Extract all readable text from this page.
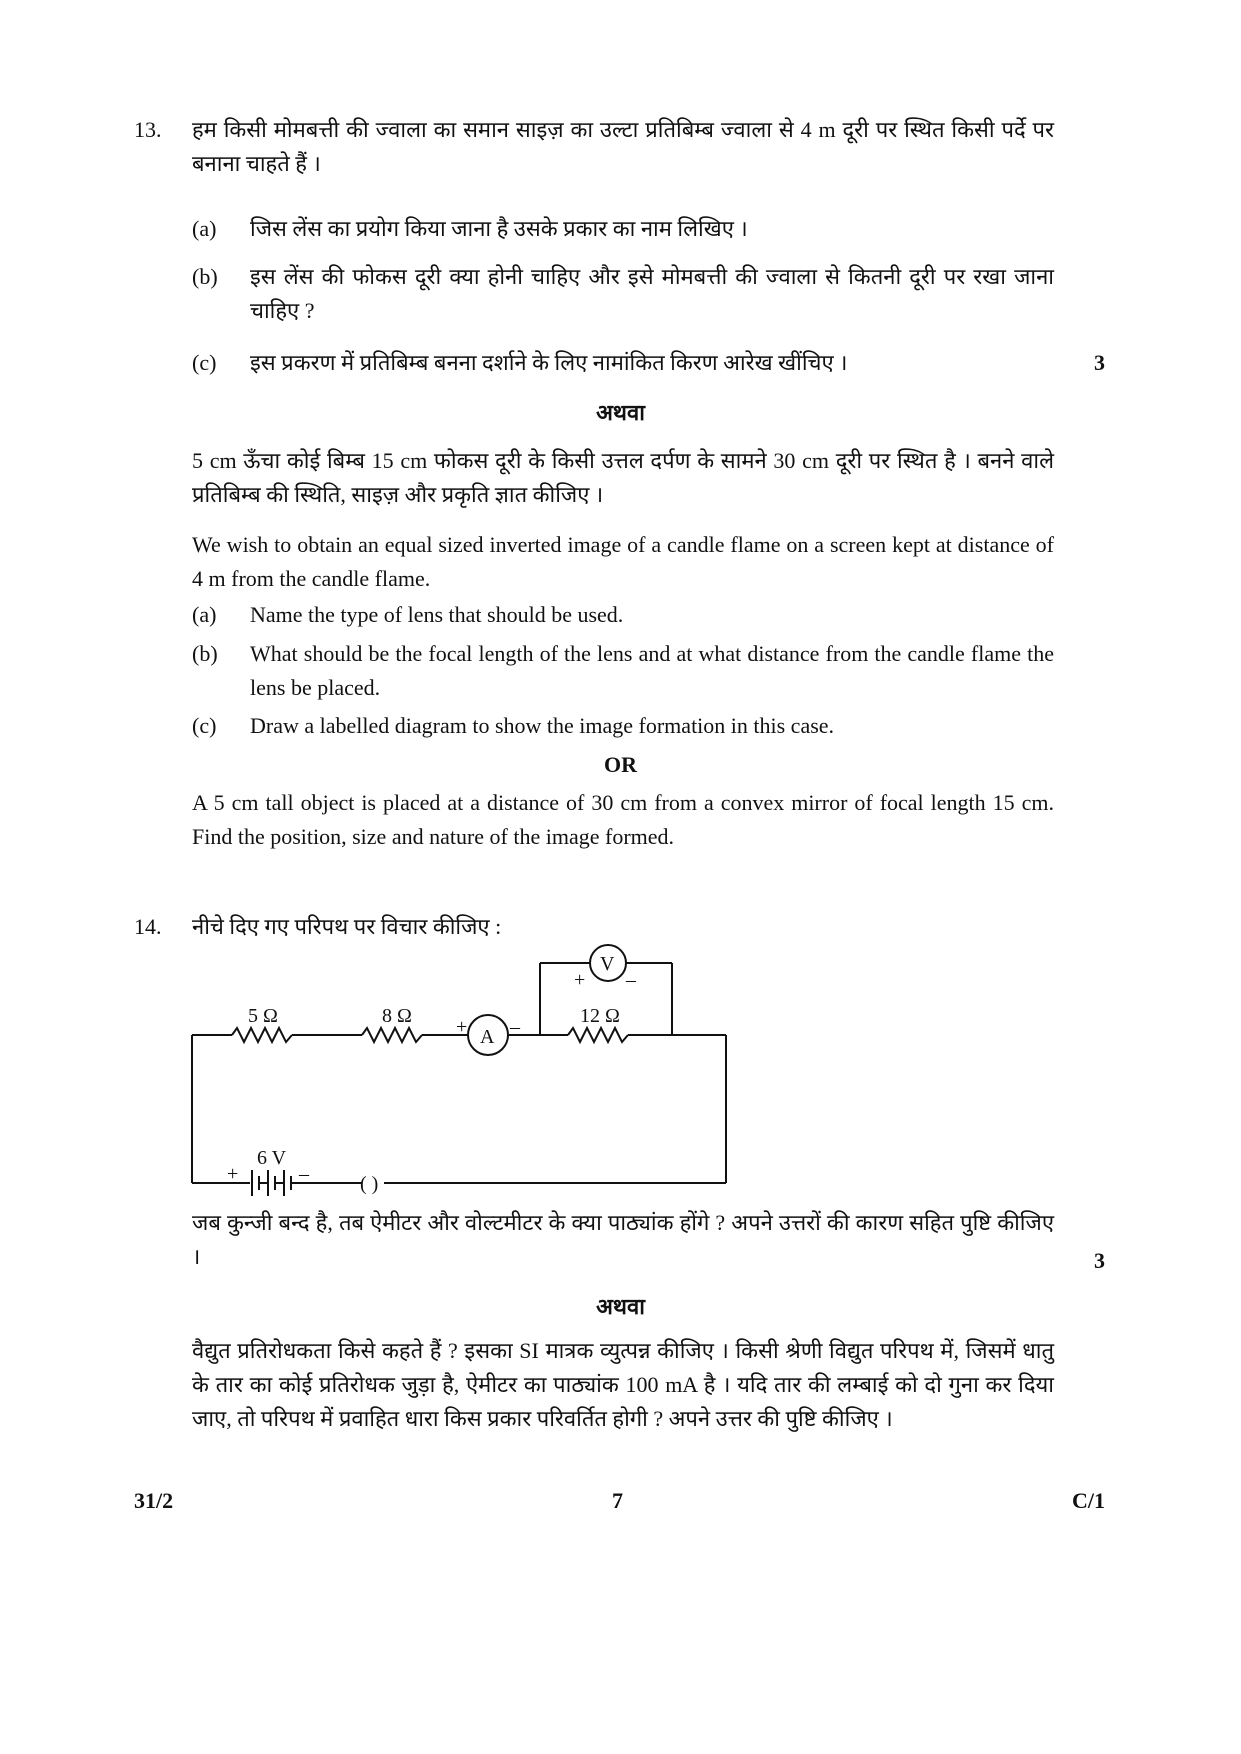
13. हम किसी मोमबत्ती की ज्वाला का समान साइज़ का उल्टा प्रतिबिम्ब ज्वाला से 4 m दूरी पर स्थित किसी पर्दे पर बनाना चाहते हैं ।

(a) जिस लेंस का प्रयोग किया जाना है उसके प्रकार का नाम लिखिए ।

(b) इस लेंस की फोकस दूरी क्या होनी चाहिए और इसे मोमबत्ती की ज्वाला से कितनी दूरी पर रखा जाना चाहिए ?

(c) इस प्रकरण में प्रतिबिम्ब बनना दर्शाने के लिए नामांकित किरण आरेख खींचिए ।	3
अथवा

5 cm ऊँचा कोई बिम्ब 15 cm फोकस दूरी के किसी उत्तल दर्पण के सामने 30 cm दूरी पर स्थित है । बनने वाले प्रतिबिम्ब की स्थिति, साइज़ और प्रकृति ज्ञात कीजिए ।

We wish to obtain an equal sized inverted image of a candle flame on a screen kept at distance of 4 m from the candle flame.

(a) Name the type of lens that should be used.

(b) What should be the focal length of the lens and at what distance from the candle flame the lens be placed.

(c) Draw a labelled diagram to show the image formation in this case.

OR

A 5 cm tall object is placed at a distance of 30 cm from a convex mirror of focal length 15 cm. Find the position, size and nature of the image formed.

14. नीचे दिए गए परिपथ पर विचार कीजिए :

5 Ω	8 Ω	12 Ω
A
V
+ –
+ –
6 V
+	–	( )

जब कुन्जी बन्द है, तब ऐमीटर और वोल्टमीटर के क्या पाठ्यांक होंगे ? अपने उत्तरों की कारण सहित पुष्टि कीजिए ।	3
अथवा

वैद्युत प्रतिरोधकता किसे कहते हैं ? इसका SI मात्रक व्युत्पन्न कीजिए । किसी श्रेणी विद्युत परिपथ में, जिसमें धातु के तार का कोई प्रतिरोधक जुड़ा है, ऐमीटर का पाठ्यांक 100 mA है । यदि तार की लम्बाई को दो गुना कर दिया जाए, तो परिपथ में प्रवाहित धारा किस प्रकार परिवर्तित होगी ? अपने उत्तर की पुष्टि कीजिए ।

31/2	7	C/1
